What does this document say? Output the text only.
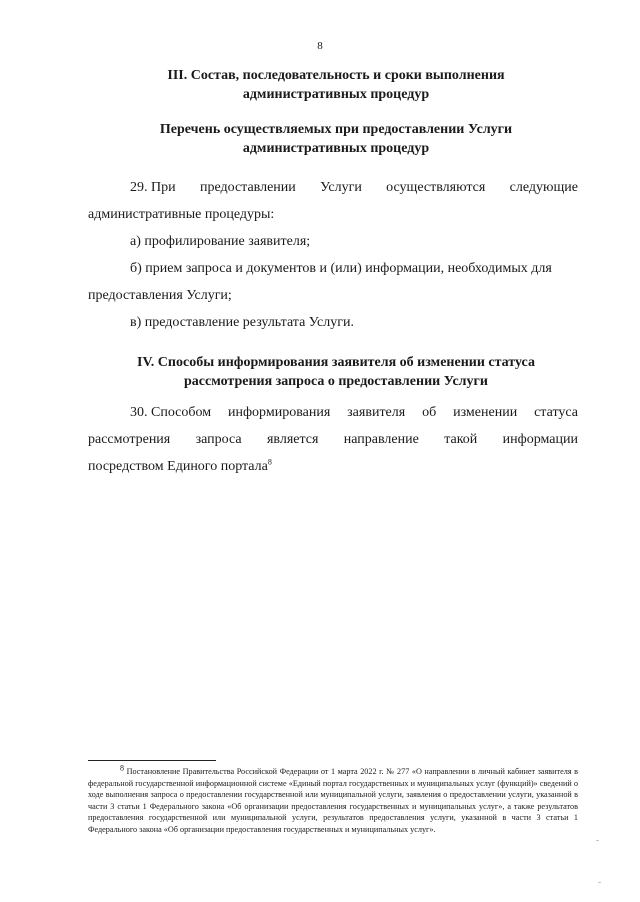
8
III. Состав, последовательность и сроки выполнения
административных процедур
Перечень осуществляемых при предоставлении Услуги
административных процедур
29. При предоставлении Услуги осуществляются следующие
административные процедуры:
а) профилирование заявителя;
б) прием запроса и документов и (или) информации, необходимых для
предоставления Услуги;
в) предоставление результата Услуги.
IV. Способы информирования заявителя об изменении статуса
рассмотрения запроса о предоставлении Услуги
30. Способом информирования заявителя об изменении статуса
рассмотрения запроса является направление такой информации
посредством Единого портала$^8$
$^8$ Постановление Правительства Российской Федерации от 1 марта 2022 г. № 277 «О направлении в личный кабинет заявителя в федеральной государственной информационной системе «Единый портал государственных и муниципальных услуг (функций)» сведений о ходе выполнения запроса о предоставлении государственной или муниципальной услуги, заявления о предоставлении услуги, указанной в части 3 статьи 1 Федерального закона «Об организации предоставления государственных и муниципальных услуг», а также результатов предоставления государственной или муниципальной услуги, результатов предоставления услуги, указанной в части 3 статьи 1 Федерального закона «Об организации предоставления государственных и муниципальных услуг».
